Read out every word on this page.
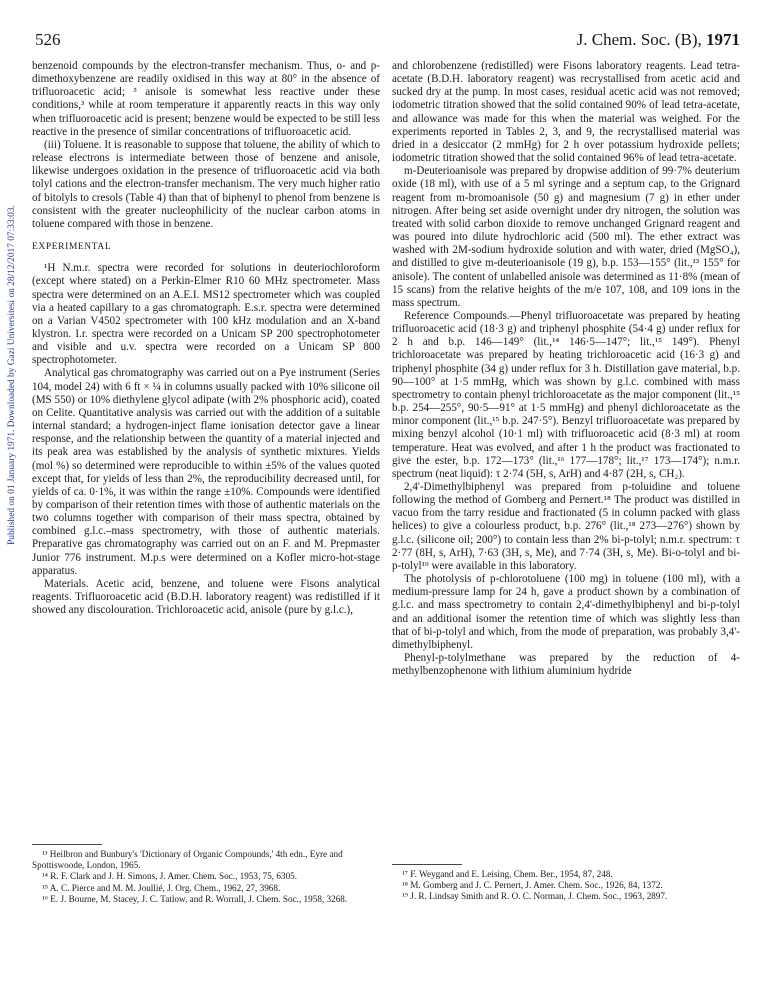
526	J. Chem. Soc. (B), 1971
Published on 01 January 1971. Downloaded by Gazi Universitesi on 28/12/2017 07:33:03.

benzenoid compounds by the electron-transfer mechanism. Thus, o- and p-dimethoxybenzene are readily oxidised in this way at 80° in the absence of trifluoroacetic acid; ³ anisole is somewhat less reactive under these conditions,³ while at room temperature it apparently reacts in this way only when trifluoroacetic acid is present; benzene would be expected to be still less reactive in the presence of similar concentrations of trifluoroacetic acid.

(iii) Toluene. It is reasonable to suppose that toluene, the ability of which to release electrons is intermediate between those of benzene and anisole, likewise undergoes oxidation in the presence of trifluoroacetic acid via both tolyl cations and the electron-transfer mechanism. The very much higher ratio of bitolyls to cresols (Table 4) than that of biphenyl to phenol from benzene is consistent with the greater nucleophilicity of the nuclear carbon atoms in toluene compared with those in benzene.

EXPERIMENTAL

¹H N.m.r. spectra were recorded for solutions in deuteriochloroform (except where stated) on a Perkin-Elmer R10 60 MHz spectrometer. Mass spectra were determined on an A.E.I. MS12 spectrometer which was coupled via a heated capillary to a gas chromatograph. E.s.r. spectra were determined on a Varian V4502 spectrometer with 100 kHz modulation and an X-band klystron. I.r. spectra were recorded on a Unicam SP 200 spectrophotometer and visible and u.v. spectra were recorded on a Unicam SP 800 spectrophotometer.

Analytical gas chromatography was carried out on a Pye instrument (Series 104, model 24) with 6 ft × ¼ in columns usually packed with 10% silicone oil (MS 550) or 10% diethylene glycol adipate (with 2% phosphoric acid), coated on Celite. Quantitative analysis was carried out with the addition of a suitable internal standard; a hydrogen-inject flame ionisation detector gave a linear response, and the relationship between the quantity of a material injected and its peak area was established by the analysis of synthetic mixtures. Yields (mol %) so determined were reproducible to within ±5% of the values quoted except that, for yields of less than 2%, the reproducibility decreased until, for yields of ca. 0·1%, it was within the range ±10%. Compounds were identified by comparison of their retention times with those of authentic materials on the two columns together with comparison of their mass spectra, obtained by combined g.l.c.–mass spectrometry, with those of authentic materials. Preparative gas chromatography was carried out on an F. and M. Prepmaster Junior 776 instrument. M.p.s were determined on a Kofler micro-hot-stage apparatus.

Materials. Acetic acid, benzene, and toluene were Fisons analytical reagents. Trifluoroacetic acid (B.D.H. laboratory reagent) was redistilled if it showed any discolouration. Trichloroacetic acid, anisole (pure by g.l.c.),

¹³ Heilbron and Bunbury's 'Dictionary of Organic Compounds,' 4th edn., Eyre and Spottiswoode, London, 1965.

¹⁴ R. F. Clark and J. H. Simons, J. Amer. Chem. Soc., 1953, 75, 6305.

¹⁵ A. C. Pierce and M. M. Joullié, J. Org. Chem., 1962, 27, 3968.

¹⁶ E. J. Bourne, M. Stacey, J. C. Tatlow, and R. Worrall, J. Chem. Soc., 1958, 3268.

and chlorobenzene (redistilled) were Fisons laboratory reagents. Lead tetra-acetate (B.D.H. laboratory reagent) was recrystallised from acetic acid and sucked dry at the pump. In most cases, residual acetic acid was not removed; iodometric titration showed that the solid contained 90% of lead tetra-acetate, and allowance was made for this when the material was weighed. For the experiments reported in Tables 2, 3, and 9, the recrystallised material was dried in a desiccator (2 mmHg) for 2 h over potassium hydroxide pellets; iodometric titration showed that the solid contained 96% of lead tetra-acetate.

m-Deuterioanisole was prepared by dropwise addition of 99·7% deuterium oxide (18 ml), with use of a 5 ml syringe and a septum cap, to the Grignard reagent from m-bromoanisole (50 g) and magnesium (7 g) in ether under nitrogen. After being set aside overnight under dry nitrogen, the solution was treated with solid carbon dioxide to remove unchanged Grignard reagent and was poured into dilute hydrochloric acid (500 ml). The ether extract was washed with 2M-sodium hydroxide solution and with water, dried (MgSO₄), and distilled to give m-deuterioanisole (19 g), b.p. 153—155° (lit.,¹³ 155° for anisole). The content of unlabelled anisole was determined as 11·8% (mean of 15 scans) from the relative heights of the m/e 107, 108, and 109 ions in the mass spectrum.

Reference Compounds.—Phenyl trifluoroacetate was prepared by heating trifluoroacetic acid (18·3 g) and triphenyl phosphite (54·4 g) under reflux for 2 h and b.p. 146—149° (lit.,¹⁴ 146·5—147°; lit.,¹⁵ 149°). Phenyl trichloroacetate was prepared by heating trichloroacetic acid (16·3 g) and triphenyl phosphite (34 g) under reflux for 3 h. Distillation gave material, b.p. 90—100° at 1·5 mmHg, which was shown by g.l.c. combined with mass spectrometry to contain phenyl trichloroacetate as the major component (lit.,¹⁵ b.p. 254—255°, 90·5—91° at 1·5 mmHg) and phenyl dichloroacetate as the minor component (lit.,¹⁵ b.p. 247·5°). Benzyl trifluoroacetate was prepared by mixing benzyl alcohol (10·1 ml) with trifluoroacetic acid (8·3 ml) at room temperature. Heat was evolved, and after 1 h the product was fractionated to give the ester, b.p. 172—173° (lit.,¹⁶ 177—178°; lit.,¹⁷ 173—174°); n.m.r. spectrum (neat liquid): τ 2·74 (5H, s, ArH) and 4·87 (2H, s, CH₂).

2,4'-Dimethylbiphenyl was prepared from p-toluidine and toluene following the method of Gomberg and Pernert.¹⁸ The product was distilled in vacuo from the tarry residue and fractionated (5 in column packed with glass helices) to give a colourless product, b.p. 276° (lit.,¹⁸ 273—276°) shown by g.l.c. (silicone oil; 200°) to contain less than 2% bi-p-tolyl; n.m.r. spectrum: τ 2·77 (8H, s, ArH), 7·63 (3H, s, Me), and 7·74 (3H, s, Me). Bi-o-tolyl and bi-p-tolyl¹⁹ were available in this laboratory.

The photolysis of p-chlorotoluene (100 mg) in toluene (100 ml), with a medium-pressure lamp for 24 h, gave a product shown by a combination of g.l.c. and mass spectrometry to contain 2,4'-dimethylbiphenyl and bi-p-tolyl and an additional isomer the retention time of which was slightly less than that of bi-p-tolyl and which, from the mode of preparation, was probably 3,4'-dimethylbiphenyl.

Phenyl-p-tolylmethane was prepared by the reduction of 4-methylbenzophenone with lithium aluminium hydride

¹⁷ F. Weygand and E. Leising, Chem. Ber., 1954, 87, 248.

¹⁸ M. Gomberg and J. C. Pernert, J. Amer. Chem. Soc., 1926, 84, 1372.

¹⁹ J. R. Lindsay Smith and R. O. C. Norman, J. Chem. Soc., 1963, 2897.
